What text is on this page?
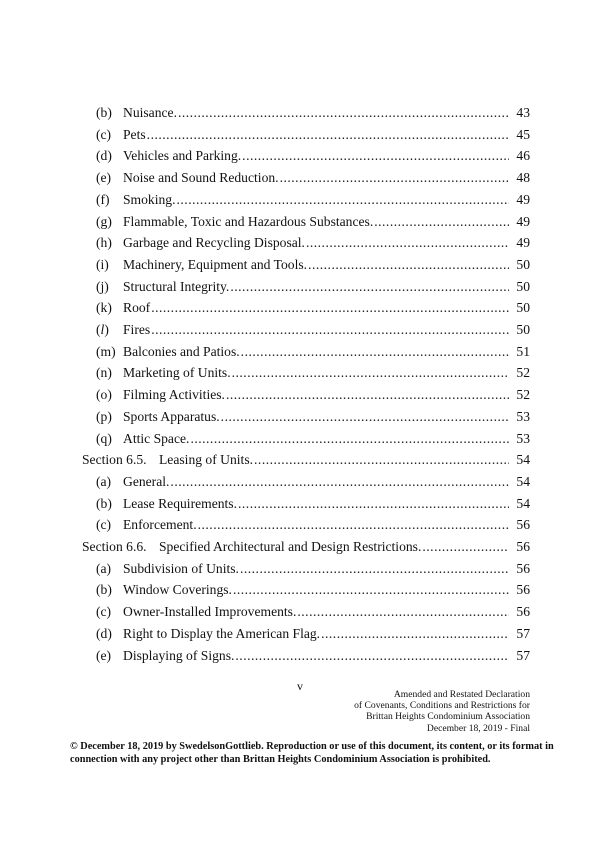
(b) Nuisance. .....	43
(c) Pets .....	45
(d) Vehicles and Parking. .....	46
(e) Noise and Sound Reduction. .....	48
(f) Smoking. .....	49
(g) Flammable, Toxic and Hazardous Substances. .....	49
(h) Garbage and Recycling Disposal. .....	49
(i) Machinery, Equipment and Tools. .....	50
(j) Structural Integrity. .....	50
(k) Roof .....	50
(l) Fires .....	50
(m) Balconies and Patios. .....	51
(n) Marketing of Units. .....	52
(o) Filming Activities. .....	52
(p) Sports Apparatus. .....	53
(q) Attic Space. .....	53
Section 6.5. Leasing of Units. .....	54
(a) General. .....	54
(b) Lease Requirements. .....	54
(c) Enforcement. .....	56
Section 6.6. Specified Architectural and Design Restrictions. .....	56
(a) Subdivision of Units. .....	56
(b) Window Coverings. .....	56
(c) Owner-Installed Improvements. .....	56
(d) Right to Display the American Flag. .....	57
(e) Displaying of Signs. .....	57
v
Amended and Restated Declaration
of Covenants, Conditions and Restrictions for
Brittan Heights Condominium Association
December 18, 2019 - Final
© December 18, 2019 by SwedelsonGottlieb. Reproduction or use of this document, its content, or its format in
connection with any project other than Brittan Heights Condominium Association is prohibited.
